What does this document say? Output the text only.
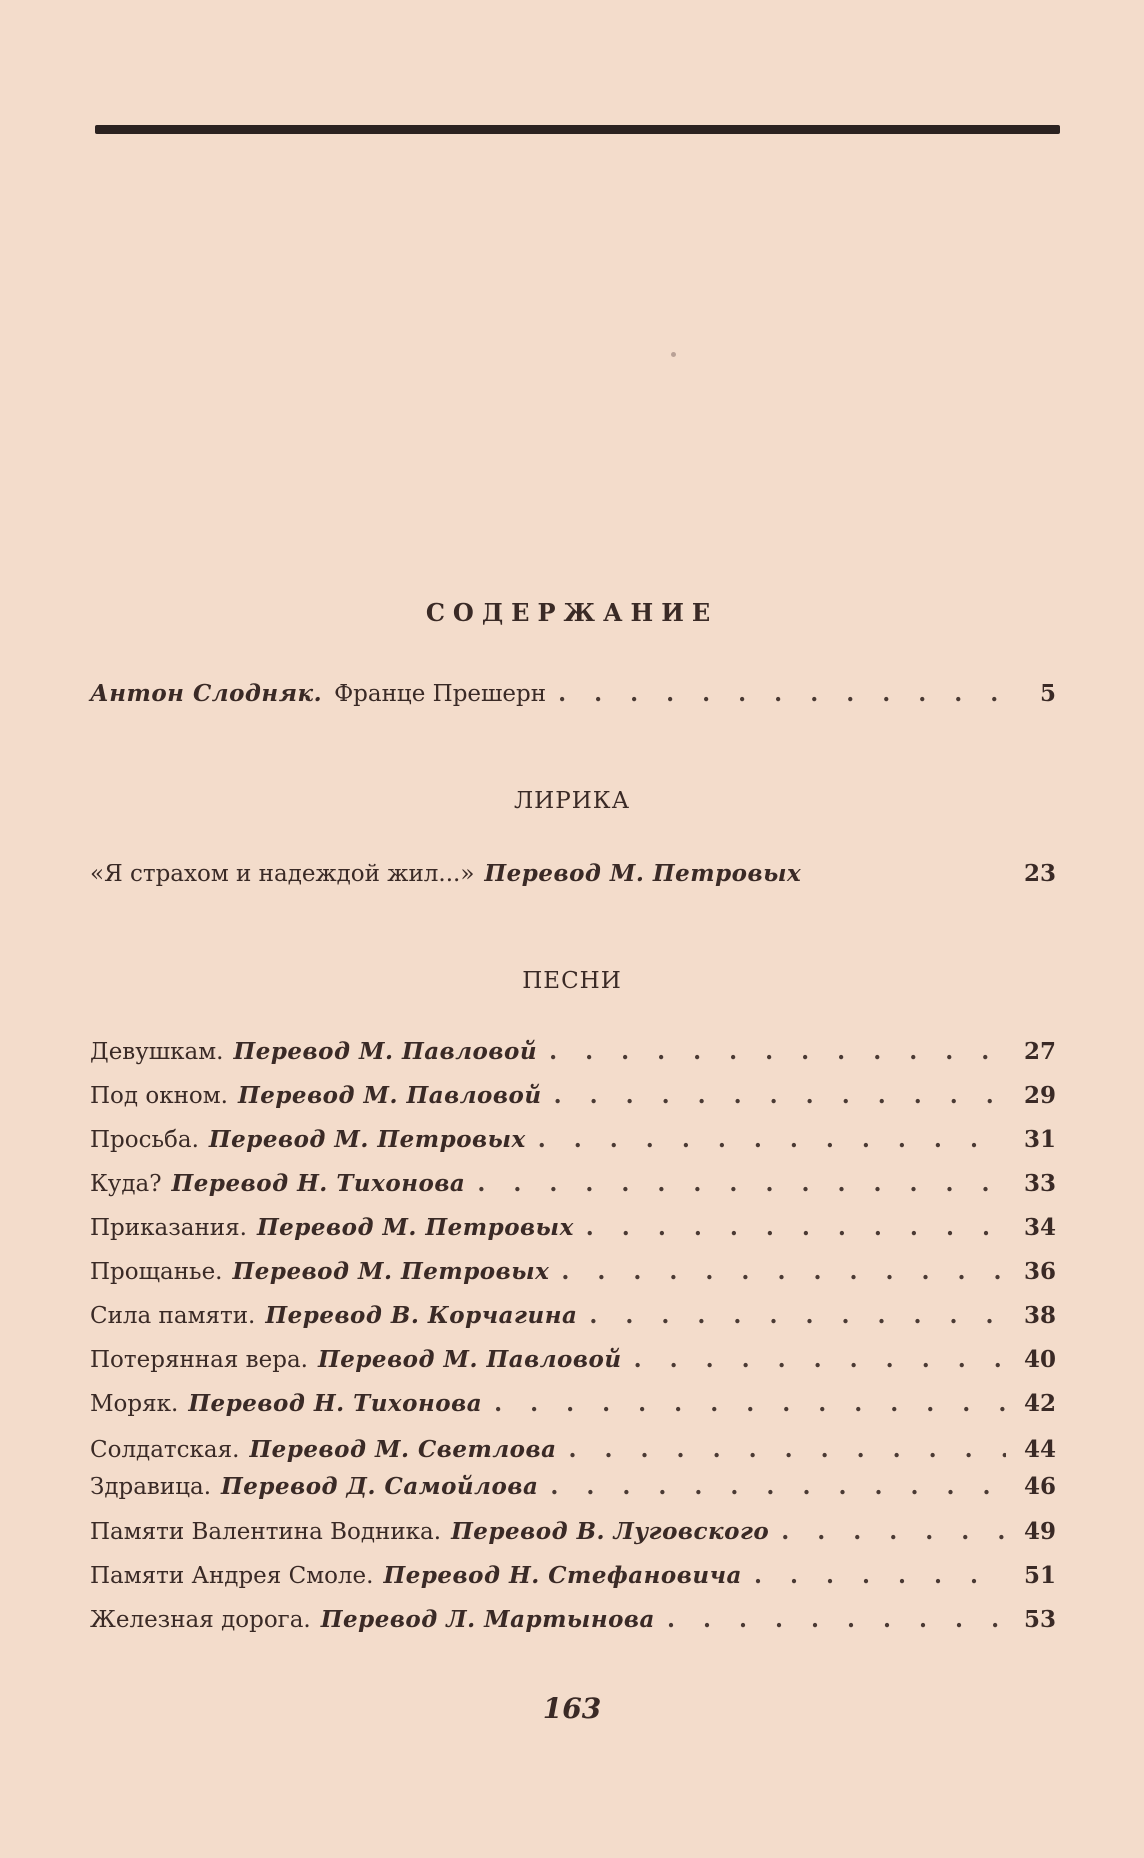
СОДЕРЖАНИЕ
Антон Слодняк. Франце Прешерн . . .	5
ЛИРИКА
«Я страхом и надеждой жил...» Перевод М. Петровых	23
ПЕСНИ
Девушкам. Перевод М. Павловой . . .	27
Под окном. Перевод М. Павловой . . .	29
Просьба. Перевод М. Петровых . . .	31
Куда? Перевод Н. Тихонова . . .	33
Приказания. Перевод М. Петровых . . .	34
Прощанье. Перевод М. Петровых . . .	36
Сила памяти. Перевод В. Корчагина . . .	38
Потерянная вера. Перевод М. Павловой . . .	40
Моряк. Перевод Н. Тихонова . . .	42
Солдатская. Перевод М. Светлова . . .	44
Здравица. Перевод Д. Самойлова . . .	46
Памяти Валентина Водника. Перевод В. Луговского . . .	49
Памяти Андрея Смоле. Перевод Н. Стефановича . . .	51
Железная дорога. Перевод Л. Мартынова . . .	53
163
